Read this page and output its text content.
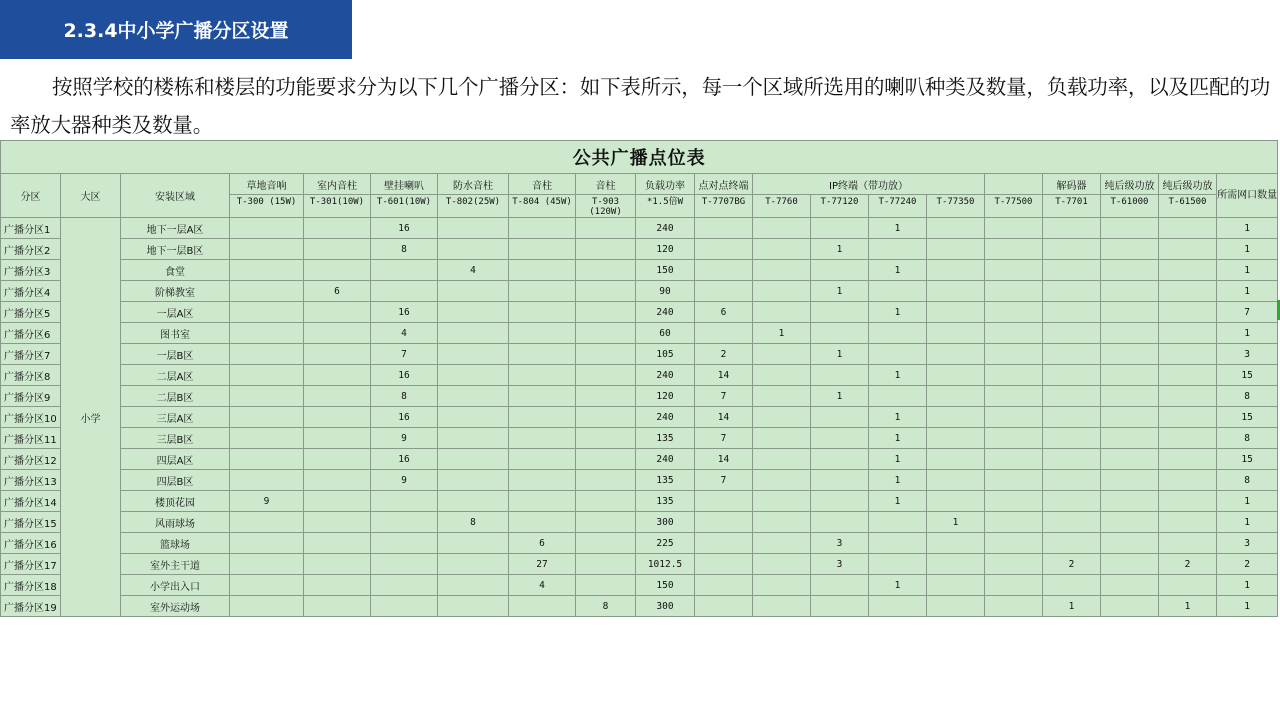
2.3.4中小学广播分区设置
按照学校的楼栋和楼层的功能要求分为以下几个广播分区：如下表所示，每一个区域所选用的喇叭种类及数量，负载功率，以及匹配的功率放大器种类及数量。
公共广播点位表																			
分区	大区	安装区域	草地音响	室内音柱	壁挂喇叭	防水音柱	音柱	音柱	负载功率	点对点终端	IP终端（带功放）					解码器	纯后级功放	纯后级功放	所需网口数量
			T-300 (15W)	T-301(10W)	T-601(10W)	T-802(25W)	T-804 (45W)	T-903 (120W)	*1.5倍W	T-7707BG	T-7760	T-77120	T-77240	T-77350	T-77500	T-7701	T-61000	T-61500	
广播分区1	小学	地下一层A区			16				240				1						1
广播分区2		地下一层B区			8				120			1							1
广播分区3		食堂				4			150				1						1
广播分区4		阶梯教室		6					90			1							1
广播分区5		一层A区			16				240	6			1						7
广播分区6		图书室			4				60		1								1
广播分区7		一层B区			7				105	2		1							3
广播分区8		二层A区			16				240	14			1						15
广播分区9		二层B区			8				120	7		1							8
广播分区10		三层A区			16				240	14			1						15
广播分区11		三层B区			9				135	7			1						8
广播分区12		四层A区			16				240	14			1						15
广播分区13		四层B区			9				135	7			1						8
广播分区14		楼顶花园	9						135				1						1
广播分区15		风雨球场				8			300					1					1
广播分区16		篮球场					6		225			3							3
广播分区17		室外主干道					27		1012.5			3				2		2	2
广播分区18		小学出入口					4		150				1						1
广播分区19		室外运动场						8	300							1		1	1
